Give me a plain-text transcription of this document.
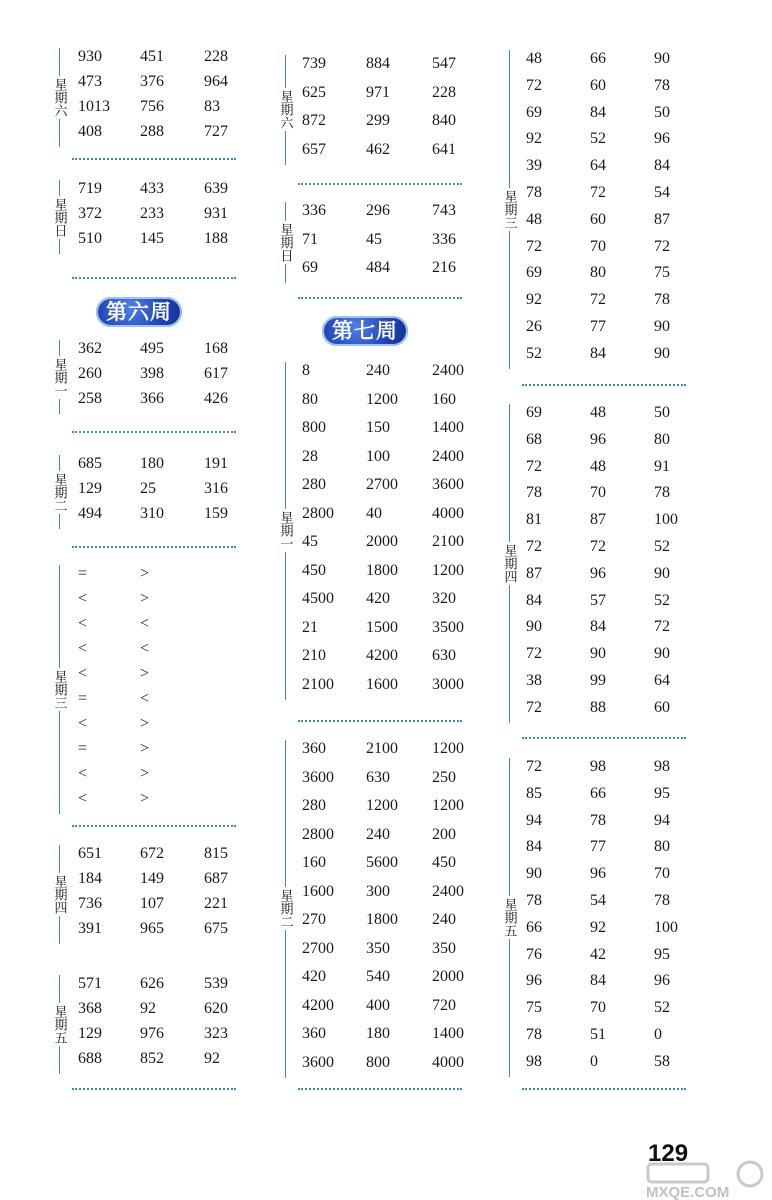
星期六
930 451	228
473 376	964
1013 756	83
408 288	727
星期日
719 433	639
372 233	931
510 145	188
第六周
星期一
362 495	168
260 398	617
258 366	426
星期二
685 180	191
129 25	316
494 310	159
星期三
=	>
<	>
<	<
<	<
<	>
=	<
<	>
=	>
<	>
<	>
星期四
651 672	815
184 149	687
736 107	221
391 965	675
星期五
571 626	539
368 92	620
129 976	323
688 852	92
星期六
739	884	547
625	971	228
872	299	840
657	462	641
星期日
336	296	743
71	45	336
69	484	216
第七周
星期一
8	240	2400
80	1200 160
800	150	1400
28	100	2400
280	2700 3600
2800 40	4000
45	2000 2100
450	1800 1200
4500 420	320
21	1500 3500
210	4200 630
2100 1600 3000
星期二
360	2100 1200
3600 630	250
280	1200 1200
2800 240	200
160	5600 450
1600 300	2400
270	1800 240
2700 350	350
420	540	2000
4200 400	720
360	180	1400
3600 800	4000
星期三
48	66	90
72	60	78
69	84	50
92	52	96
39	64	84
78	72	54
48	60	87
72	70	72
69	80	75
92	72	78
26	77	90
52	84	90
星期四
69	48	50
68	96	80
72	48	91
78	70	78
81	87	100
72	72	52
87	96	90
84	57	52
90	84	72
72	90	90
38	99	64
72	88	60
星期五
72	98	98
85	66	95
94	78	94
84	77	80
90	96	70
78	54	78
66	92	100
76	42	95
96	84	96
75	70	52
78	51	0
98	0	58
129
MXQE.COM
